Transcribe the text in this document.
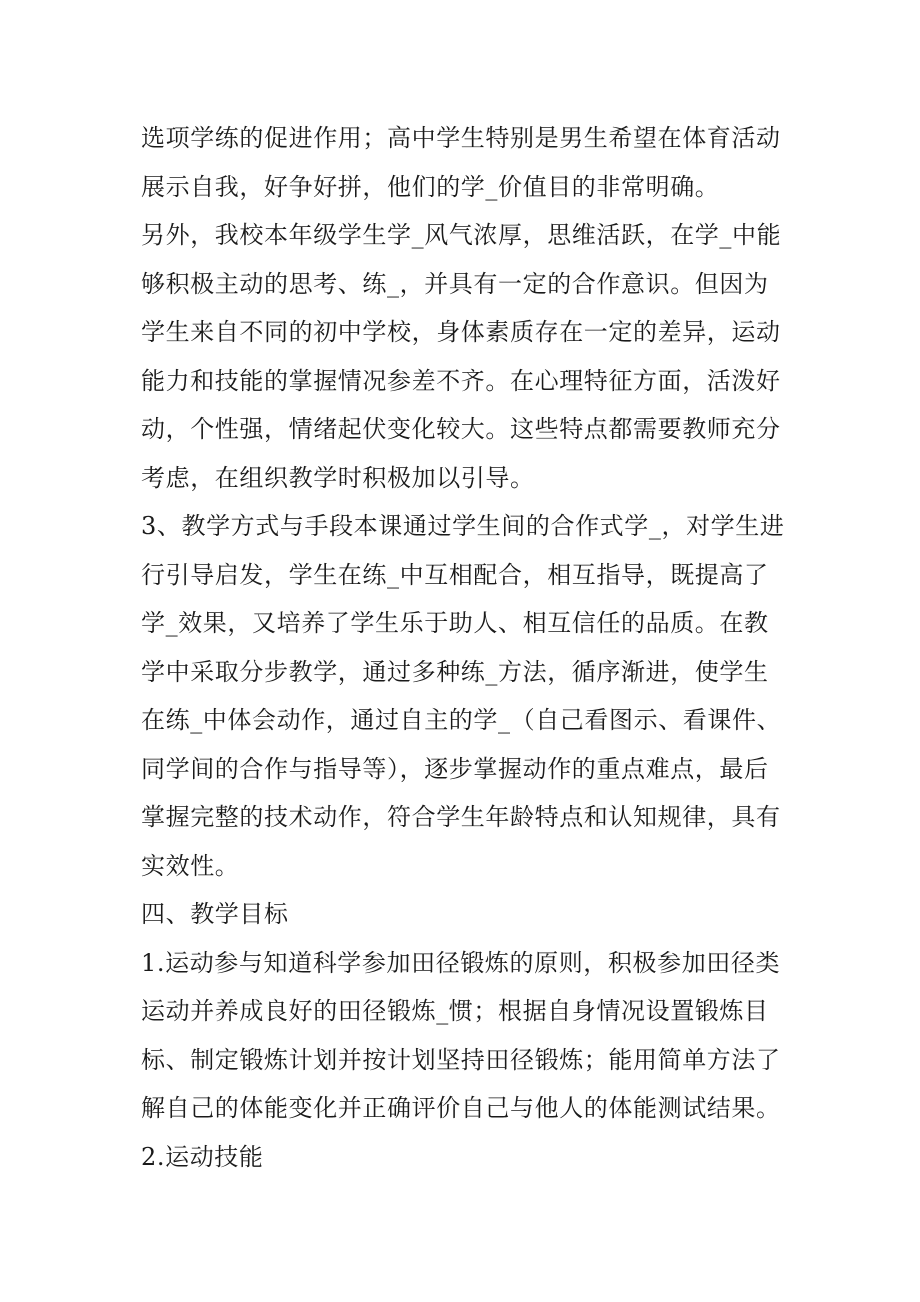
选项学练的促进作用；高中学生特别是男生希望在体育活动
展示自我，好争好拼，他们的学_价值目的非常明确。
另外，我校本年级学生学_风气浓厚，思维活跃，在学_中能
够积极主动的思考、练_，并具有一定的合作意识。但因为
学生来自不同的初中学校，身体素质存在一定的差异，运动
能力和技能的掌握情况参差不齐。在心理特征方面，活泼好
动，个性强，情绪起伏变化较大。这些特点都需要教师充分
考虑，在组织教学时积极加以引导。
3、教学方式与手段本课通过学生间的合作式学_，对学生进
行引导启发，学生在练_中互相配合，相互指导，既提高了
学_效果，又培养了学生乐于助人、相互信任的品质。在教
学中采取分步教学，通过多种练_方法，循序渐进，使学生
在练_中体会动作，通过自主的学_（自己看图示、看课件、
同学间的合作与指导等），逐步掌握动作的重点难点，最后
掌握完整的技术动作，符合学生年龄特点和认知规律，具有
实效性。
四、教学目标
1.运动参与知道科学参加田径锻炼的原则，积极参加田径类
运动并养成良好的田径锻炼_惯；根据自身情况设置锻炼目
标、制定锻炼计划并按计划坚持田径锻炼；能用简单方法了
解自己的体能变化并正确评价自己与他人的体能测试结果。
2.运动技能
